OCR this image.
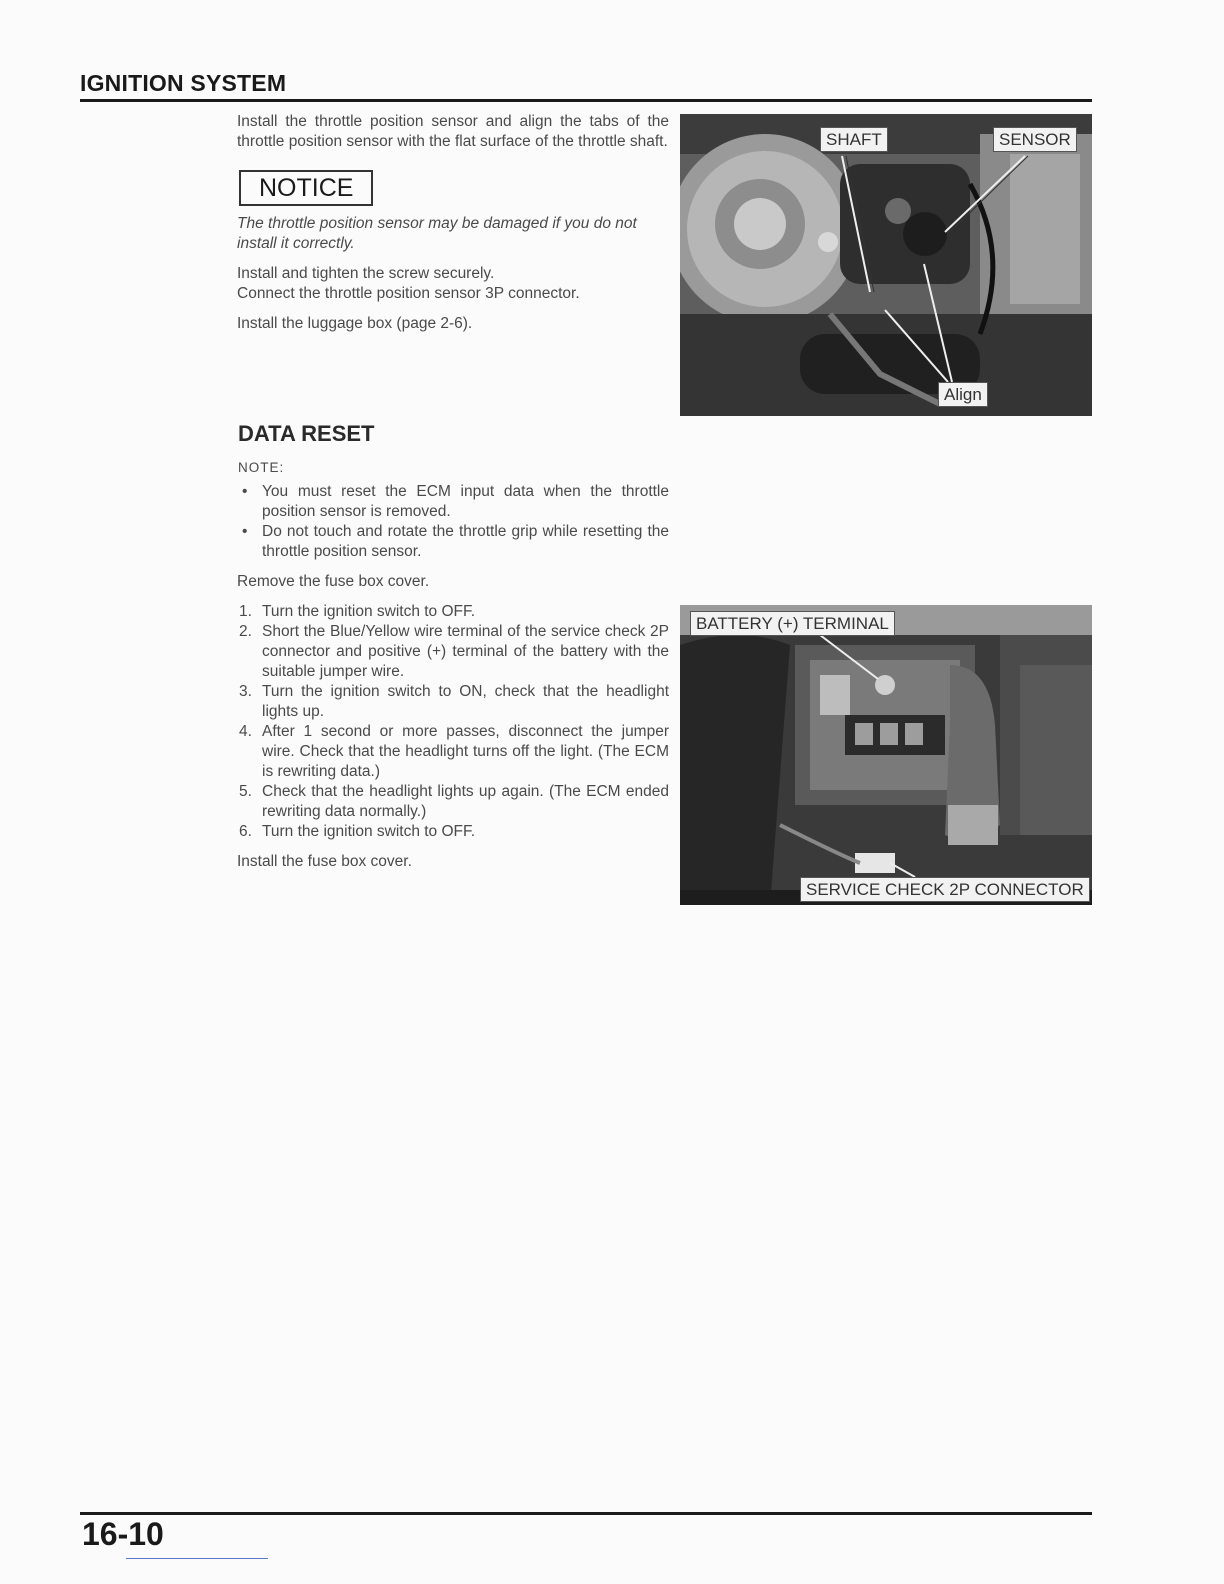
IGNITION SYSTEM

Install the throttle position sensor and align the tabs of the throttle position sensor with the flat surface of the throttle shaft.

NOTICE

The throttle position sensor may be damaged if you do not install it correctly.

Install and tighten the screw securely.
Connect the throttle position sensor 3P connector.

Install the luggage box (page 2-6).

SHAFT	SENSOR
Align
DATA RESET
NOTE:
• You must reset the ECM input data when the throttle position sensor is removed.
• Do not touch and rotate the throttle grip while resetting the throttle position sensor.

Remove the fuse box cover.

1. Turn the ignition switch to OFF.
2. Short the Blue/Yellow wire terminal of the service check 2P connector and positive (+) terminal of the battery with the suitable jumper wire.
3. Turn the ignition switch to ON, check that the headlight lights up.
4. After 1 second or more passes, disconnect the jumper wire. Check that the headlight turns off the light. (The ECM is rewriting data.)
5. Check that the headlight lights up again. (The ECM ended rewriting data normally.)
6. Turn the ignition switch to OFF.

Install the fuse box cover.

BATTERY (+) TERMINAL
SERVICE CHECK 2P CONNECTOR
16-10
